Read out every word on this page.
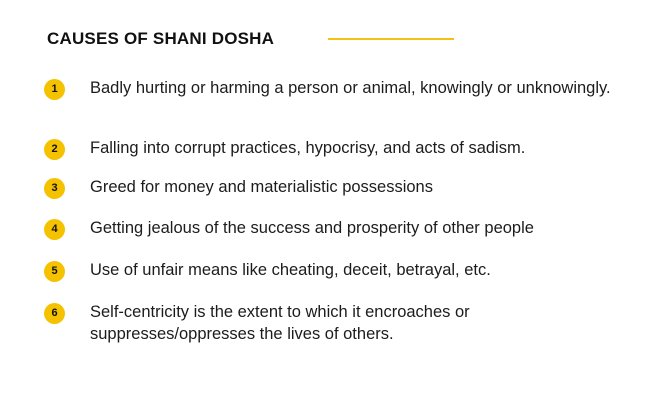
CAUSES OF SHANI DOSHA
1	Badly hurting or harming a person or animal, knowingly or unknowingly.
2	Falling into corrupt practices, hypocrisy, and acts of sadism.
3	Greed for money and materialistic possessions
4	Getting jealous of the success and prosperity of other people
5	Use of unfair means like cheating, deceit, betrayal, etc.
6	Self-centricity is the extent to which it encroaches or suppresses/oppresses the lives of others.
